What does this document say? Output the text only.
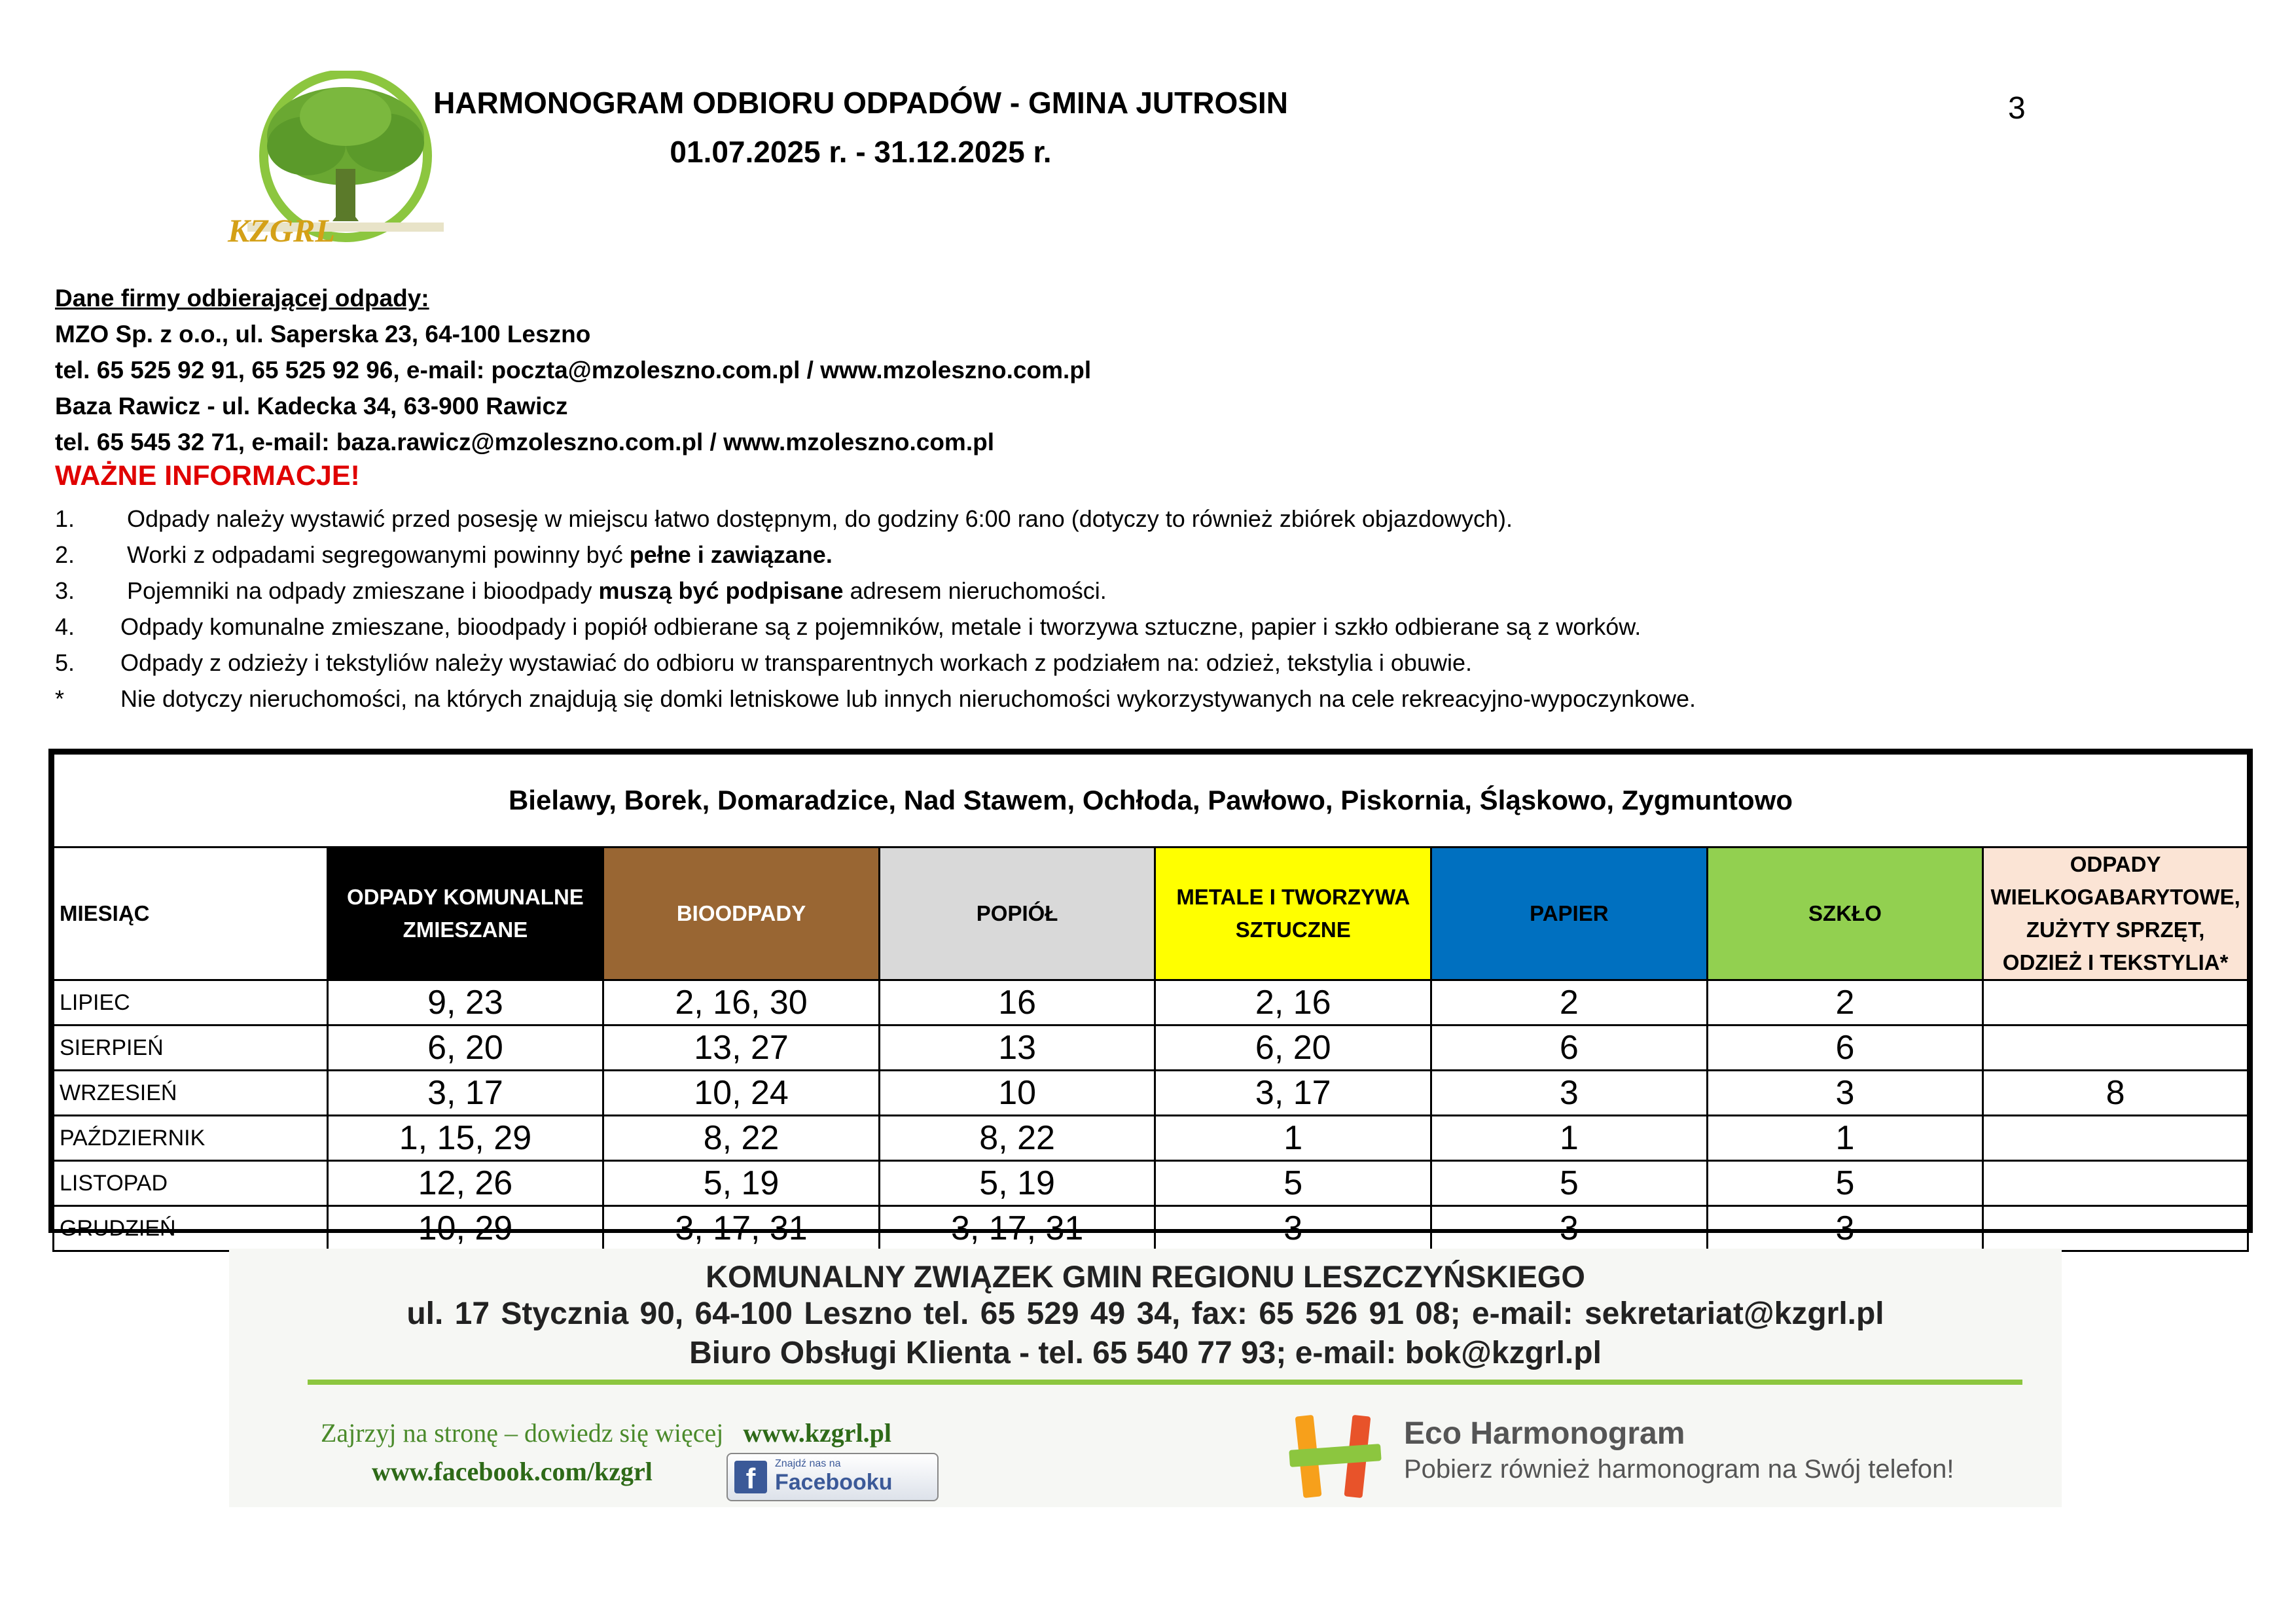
KZGRL
HARMONOGRAM ODBIORU ODPADÓW - GMINA JUTROSIN
01.07.2025 r. - 31.12.2025 r.
3
Dane firmy odbierającej odpady:
MZO Sp. z o.o., ul. Saperska 23, 64-100 Leszno
tel. 65 525 92 91, 65 525 92 96, e-mail: poczta@mzoleszno.com.pl / www.mzoleszno.com.pl
Baza Rawicz - ul. Kadecka 34, 63-900 Rawicz
tel. 65 545 32 71, e-mail: baza.rawicz@mzoleszno.com.pl / www.mzoleszno.com.pl
WAŻNE INFORMACJE!
1. Odpady należy wystawić przed posesję w miejscu łatwo dostępnym, do godziny 6:00 rano (dotyczy to również zbiórek objazdowych).
2. Worki z odpadami segregowanymi powinny być pełne i zawiązane.
3. Pojemniki na odpady zmieszane i bioodpady muszą być podpisane adresem nieruchomości.
4. Odpady komunalne zmieszane, bioodpady i popiół odbierane są z pojemników, metale i tworzywa sztuczne, papier i szkło odbierane są z worków.
5. Odpady z odzieży i tekstyliów należy wystawiać do odbioru w transparentnych workach z podziałem na: odzież, tekstylia i obuwie.
* Nie dotyczy nieruchomości, na których znajdują się domki letniskowe lub innych nieruchomości wykorzystywanych na cele rekreacyjno-wypoczynkowe.
Bielawy, Borek, Domaradzice, Nad Stawem, Ochłoda, Pawłowo, Piskornia, Śląskowo, Zygmuntowo							
MIESIĄC	ODPADY KOMUNALNE ZMIESZANE	BIOODPADY	POPIÓŁ	METALE I TWORZYWA SZTUCZNE	PAPIER	SZKŁO	ODPADY WIELKOGABARYTOWE, ZUŻYTY SPRZĘT, ODZIEŻ I TEKSTYLIA*
LIPIEC	9, 23	2, 16, 30	16	2, 16	2	2	
SIERPIEŃ	6, 20	13, 27	13	6, 20	6	6	
WRZESIEŃ	3, 17	10, 24	10	3, 17	3	3	8
PAŹDZIERNIK	1, 15, 29	8, 22	8, 22	1	1	1	
LISTOPAD	12, 26	5, 19	5, 19	5	5	5	
GRUDZIEŃ	10, 29	3, 17, 31	3, 17, 31	3	3	3	
KOMUNALNY ZWIĄZEK GMIN REGIONU LESZCZYŃSKIEGO
ul. 17 Stycznia 90, 64-100 Leszno tel. 65 529 49 34, fax: 65 526 91 08; e-mail: sekretariat@kzgrl.pl
Biuro Obsługi Klienta - tel. 65 540 77 93; e-mail: bok@kzgrl.pl
Zajrzyj na stronę – dowiedz się więcej www.kzgrl.pl
www.facebook.com/kzgrl	f	Znajdź nas na
Facebooku
Eco Harmonogram
Pobierz również harmonogram na Swój telefon!
